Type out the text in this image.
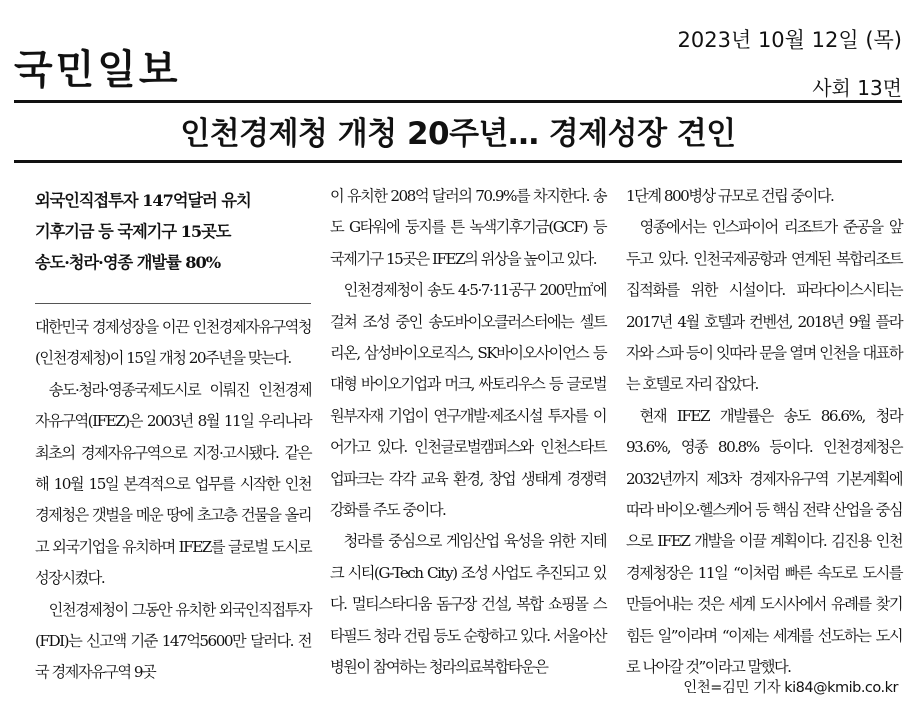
국민일보
2023년 10월 12일 (목)
사회 13면
인천경제청 개청 20주년… 경제성장 견인
외국인직접투자 147억달러 유치
기후기금 등 국제기구 15곳도
송도·청라·영종 개발률 80%

대한민국 경제성장을 이끈 인천경제자유구역청(인천경제청)이 15일 개청 20주년을 맞는다.

송도·청라·영종국제도시로 이뤄진 인천경제자유구역(IFEZ)은 2003년 8월 11일 우리나라 최초의 경제자유구역으로 지정·고시됐다. 같은 해 10월 15일 본격적으로 업무를 시작한 인천경제청은 갯벌을 메운 땅에 초고층 건물을 올리고 외국기업을 유치하며 IFEZ를 글로벌 도시로 성장시켰다.

인천경제청이 그동안 유치한 외국인직접투자(FDI)는 신고액 기준 147억5600만 달러다. 전국 경제자유구역 9곳

이 유치한 208억 달러의 70.9%를 차지한다. 송도 G타워에 둥지를 튼 녹색기후기금(GCF) 등 국제기구 15곳은 IFEZ의 위상을 높이고 있다.

인천경제청이 송도 4·5·7·11공구 200만㎡에 걸쳐 조성 중인 송도바이오클러스터에는 셀트리온, 삼성바이오로직스, SK바이오사이언스 등 대형 바이오기업과 머크, 싸토리우스 등 글로벌 원부자재 기업이 연구개발·제조시설 투자를 이어가고 있다. 인천글로벌캠퍼스와 인천스타트업파크는 각각 교육 환경, 창업 생태계 경쟁력 강화를 주도 중이다.

청라를 중심으로 게임산업 육성을 위한 지테크 시티(G-Tech City) 조성 사업도 추진되고 있다. 멀티스타디움 돔구장 건설, 복합 쇼핑몰 스타필드 청라 건립 등도 순항하고 있다. 서울아산병원이 참여하는 청라의료복합타운은

1단계 800병상 규모로 건립 중이다.

영종에서는 인스파이어 리조트가 준공을 앞두고 있다. 인천국제공항과 연계된 복합리조트 집적화를 위한 시설이다. 파라다이스시티는 2017년 4월 호텔과 컨벤션, 2018년 9월 플라자와 스파 등이 잇따라 문을 열며 인천을 대표하는 호텔로 자리 잡았다.

현재 IFEZ 개발률은 송도 86.6%, 청라 93.6%, 영종 80.8% 등이다. 인천경제청은 2032년까지 제3차 경제자유구역 기본계획에 따라 바이오·헬스케어 등 핵심 전략 산업을 중심으로 IFEZ 개발을 이끌 계획이다. 김진용 인천경제청장은 11일 “이처럼 빠른 속도로 도시를 만들어내는 것은 세계 도시사에서 유례를 찾기 힘든 일”이라며 “이제는 세계를 선도하는 도시로 나아갈 것”이라고 말했다.

인천=김민 기자 ki84@kmib.co.kr
